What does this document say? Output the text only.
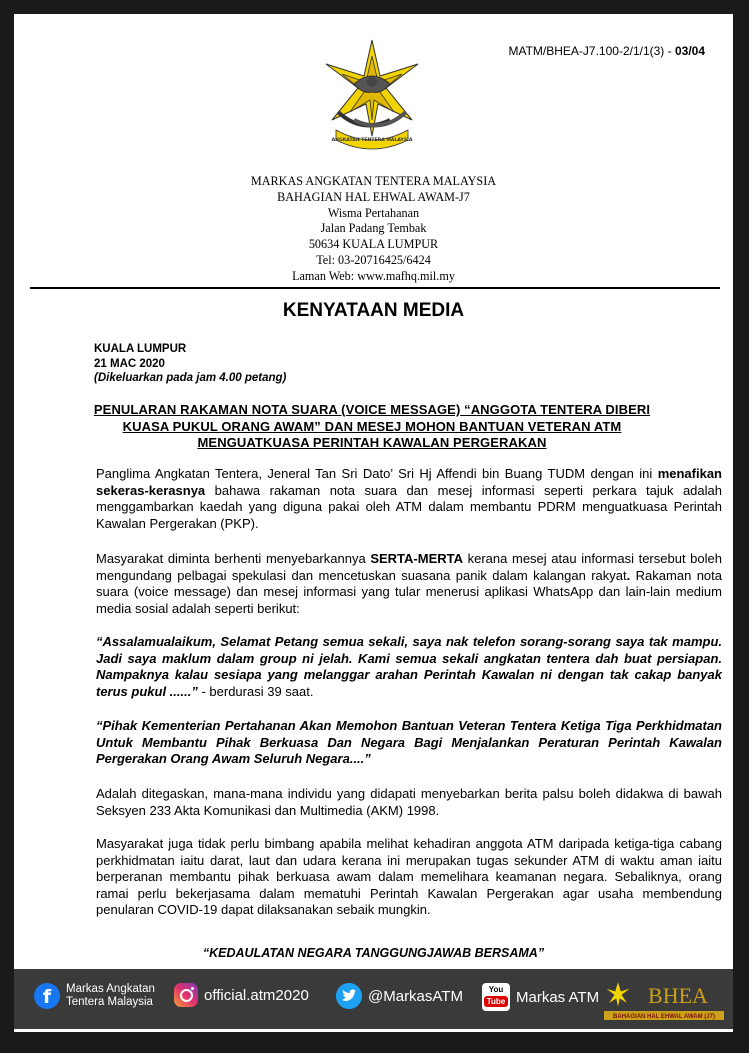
MATM/BHEA-J7.100-2/1/1(3) - 03/04
ANGKATAN TENTERA MALAYSIA
MARKAS ANGKATAN TENTERA MALAYSIA
BAHAGIAN HAL EHWAL AWAM-J7
Wisma Pertahanan
Jalan Padang Tembak
50634 KUALA LUMPUR
Tel: 03-20716425/6424
Laman Web: www.mafhq.mil.my
KENYATAAN MEDIA
KUALA LUMPUR
21 MAC 2020
(Dikeluarkan pada jam 4.00 petang)
PENULARAN RAKAMAN NOTA SUARA (VOICE MESSAGE) “ANGGOTA TENTERA DIBERI KUASA PUKUL ORANG AWAM” DAN MESEJ MOHON BANTUAN VETERAN ATM MENGUATKUASA PERINTAH KAWALAN PERGERAKAN
Panglima Angkatan Tentera, Jeneral Tan Sri Dato’ Sri Hj Affendi bin Buang TUDM dengan ini menafikan sekeras-kerasnya bahawa rakaman nota suara dan mesej informasi seperti perkara tajuk adalah menggambarkan kaedah yang diguna pakai oleh ATM dalam membantu PDRM menguatkuasa Perintah Kawalan Pergerakan (PKP).
Masyarakat diminta berhenti menyebarkannya SERTA-MERTA kerana mesej atau informasi tersebut boleh mengundang pelbagai spekulasi dan mencetuskan suasana panik dalam kalangan rakyat. Rakaman nota suara (voice message) dan mesej informasi yang tular menerusi aplikasi WhatsApp dan lain-lain medium media sosial adalah seperti berikut:
“Assalamualaikum, Selamat Petang semua sekali, saya nak telefon sorang-sorang saya tak mampu. Jadi saya maklum dalam group ni jelah. Kami semua sekali angkatan tentera dah buat persiapan. Nampaknya kalau sesiapa yang melanggar arahan Perintah Kawalan ni dengan tak cakap banyak terus pukul ......” - berdurasi 39 saat.
“Pihak Kementerian Pertahanan Akan Memohon Bantuan Veteran Tentera Ketiga Tiga Perkhidmatan Untuk Membantu Pihak Berkuasa Dan Negara Bagi Menjalankan Peraturan Perintah Kawalan Pergerakan Orang Awam Seluruh Negara....”
Adalah ditegaskan, mana-mana individu yang didapati menyebarkan berita palsu boleh didakwa di bawah Seksyen 233 Akta Komunikasi dan Multimedia (AKM) 1998.
Masyarakat juga tidak perlu bimbang apabila melihat kehadiran anggota ATM daripada ketiga-tiga cabang perkhidmatan iaitu darat, laut dan udara kerana ini merupakan tugas sekunder ATM di waktu aman iaitu berperanan membantu pihak berkuasa awam dalam memelihara keamanan negara. Sebaliknya, orang ramai perlu bekerjasama dalam mematuhi Perintah Kawalan Pergerakan agar usaha membendung penularan COVID-19 dapat dilaksanakan sebaik mungkin.
“KEDAULATAN NEGARA TANGGUNGJAWAB BERSAMA”
f	Markas Angkatan
Tentera Malaysia	official.atm2020	@MarkasATM	You
Tube Markas ATM BHEA
BAHAGIAN HAL EHWAL AWAM (J7)
